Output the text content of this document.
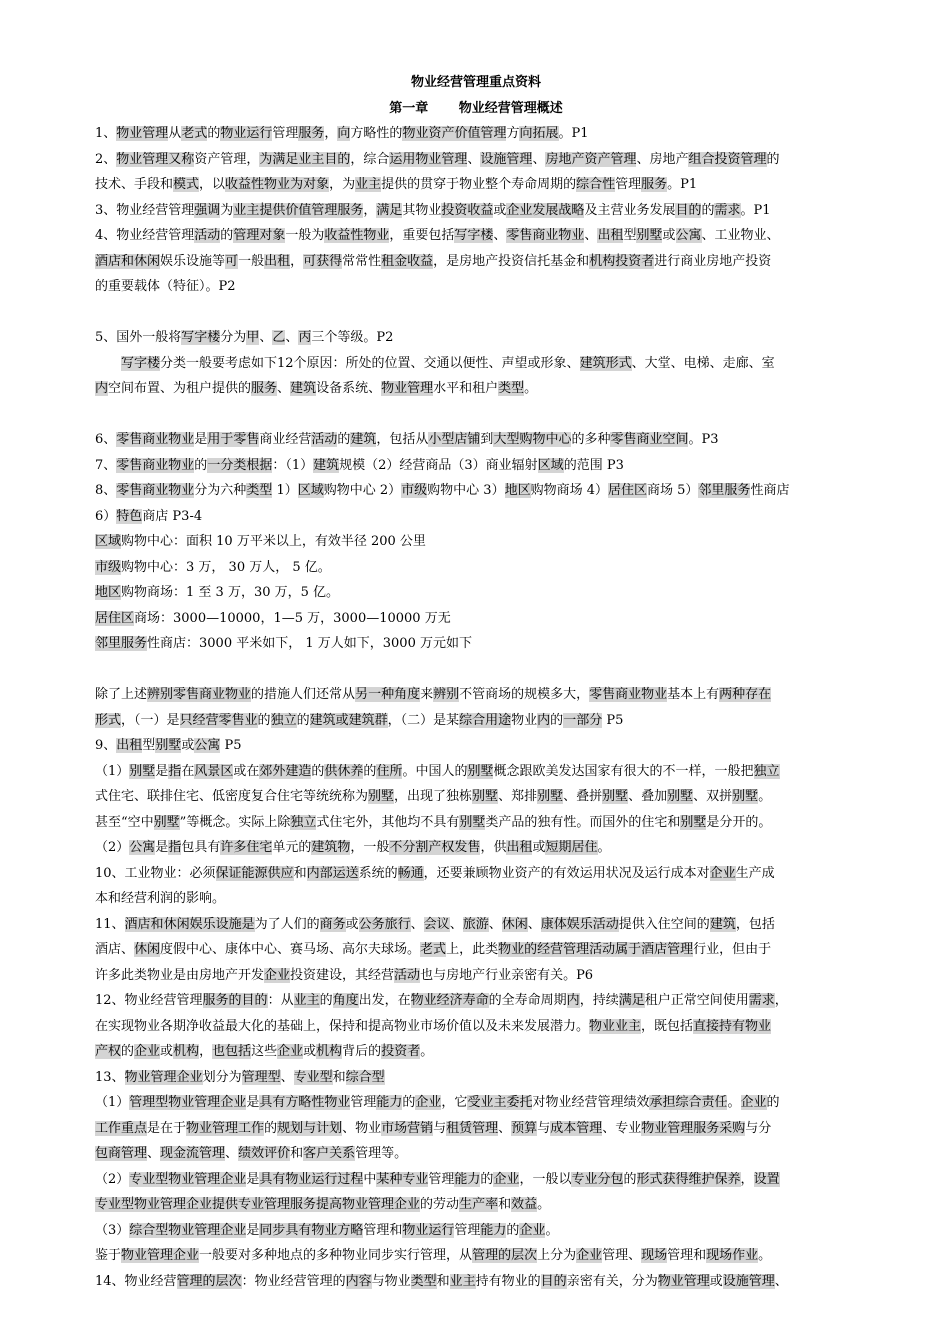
物业经营管理重点资料
第一章　　 物业经营管理概述
1、物业管理从老式的物业运行管理服务，向方略性的物业资产价值管理方向拓展。P1
2、物业管理又称资产管理，为满足业主目的，综合运用物业管理、设施管理、房地产资产管理、房地产组合投资管理的
技术、手段和模式，以收益性物业为对象，为业主提供的贯穿于物业整个寿命周期的综合性管理服务。P1
3、物业经营管理强调为业主提供价值管理服务，满足其物业投资收益或企业发展战略及主营业务发展目的的需求。P1
4、物业经营管理活动的管理对象一般为收益性物业，重要包括写字楼、零售商业物业、出租型别墅或公寓、工业物业、
酒店和休闲娱乐设施等可一般出租，可获得常常性租金收益，是房地产投资信托基金和机构投资者进行商业房地产投资
的重要载体（特征）。P2
5、国外一般将写字楼分为甲、乙、丙三个等级。P2
写字楼分类一般要考虑如下12个原因：所处的位置、交通以便性、声望或形象、建筑形式、大堂、电梯、走廊、室
内空间布置、为租户提供的服务、建筑设备系统、物业管理水平和租户类型。
6、零售商业物业是用于零售商业经营活动的建筑，包括从小型店铺到大型购物中心的多种零售商业空间。P3
7、零售商业物业的一分类根据：（1）建筑规模（2）经营商品（3）商业辐射区域的范围 P3
8、零售商业物业分为六种类型 1）区域购物中心 2）市级购物中心 3）地区购物商场 4）居住区商场 5）邻里服务性商店
6）特色商店 P3-4
区域购物中心：面积 10 万平米以上，有效半径 200 公里
市级购物中心：3 万， 30 万人， 5 亿。
地区购物商场：1 至 3 万，30 万，5 亿。
居住区商场：3000—10000，1—5 万，3000—10000 万无
邻里服务性商店：3000 平米如下， 1 万人如下，3000 万元如下
除了上述辨别零售商业物业的措施人们还常从另一种角度来辨别不管商场的规模多大，零售商业物业基本上有两种存在
形式，（一）是只经营零售业的独立的建筑或建筑群，（二）是某综合用途物业内的一部分 P5
9、出租型别墅或公寓 P5
（1）别墅是指在风景区或在郊外建造的供休养的住所。中国人的别墅概念跟欧美发达国家有很大的不一样，一般把独立
式住宅、联排住宅、低密度复合住宅等统统称为别墅，出现了独栋别墅、郑排别墅、叠拼别墅、叠加别墅、双拼别墅。
甚至“空中别墅”等概念。实际上除独立式住宅外，其他均不具有别墅类产品的独有性。而国外的住宅和别墅是分开的。
（2）公寓是指包具有许多住宅单元的建筑物，一般不分割产权发售，供出租或短期居住。
10、工业物业：必须保证能源供应和内部运送系统的畅通，还要兼顾物业资产的有效运用状况及运行成本对企业生产成
本和经营利润的影响。
11、酒店和休闲娱乐设施是为了人们的商务或公务旅行、会议、旅游、休闲、康体娱乐活动提供入住空间的建筑，包括
酒店、休闲度假中心、康体中心、赛马场、高尔夫球场。老式上，此类物业的经营管理活动属于酒店管理行业，但由于
许多此类物业是由房地产开发企业投资建设，其经营活动也与房地产行业亲密有关。P6
12、物业经营管理服务的目的：从业主的角度出发，在物业经济寿命的全寿命周期内，持续满足租户正常空间使用需求，
在实现物业各期净收益最大化的基础上，保持和提高物业市场价值以及未来发展潜力。物业业主，既包括直接持有物业
产权的企业或机构，也包括这些企业或机构背后的投资者。
13、物业管理企业划分为管理型、专业型和综合型
（1）管理型物业管理企业是具有方略性物业管理能力的企业，它受业主委托对物业经营管理绩效承担综合责任。企业的
工作重点是在于物业管理工作的规划与计划、物业市场营销与租赁管理、预算与成本管理、专业物业管理服务采购与分
包商管理、现金流管理、绩效评价和客户关系管理等。
（2）专业型物业管理企业是具有物业运行过程中某种专业管理能力的企业，一般以专业分包的形式获得维护保养，设置
专业型物业管理企业提供专业管理服务提高物业管理企业的劳动生产率和效益。
（3）综合型物业管理企业是同步具有物业方略管理和物业运行管理能力的企业。
鉴于物业管理企业一般要对多种地点的多种物业同步实行管理，从管理的层次上分为企业管理、现场管理和现场作业。
14、物业经营管理的层次：物业经营管理的内容与物业类型和业主持有物业的目的亲密有关，分为物业管理或设施管理、
